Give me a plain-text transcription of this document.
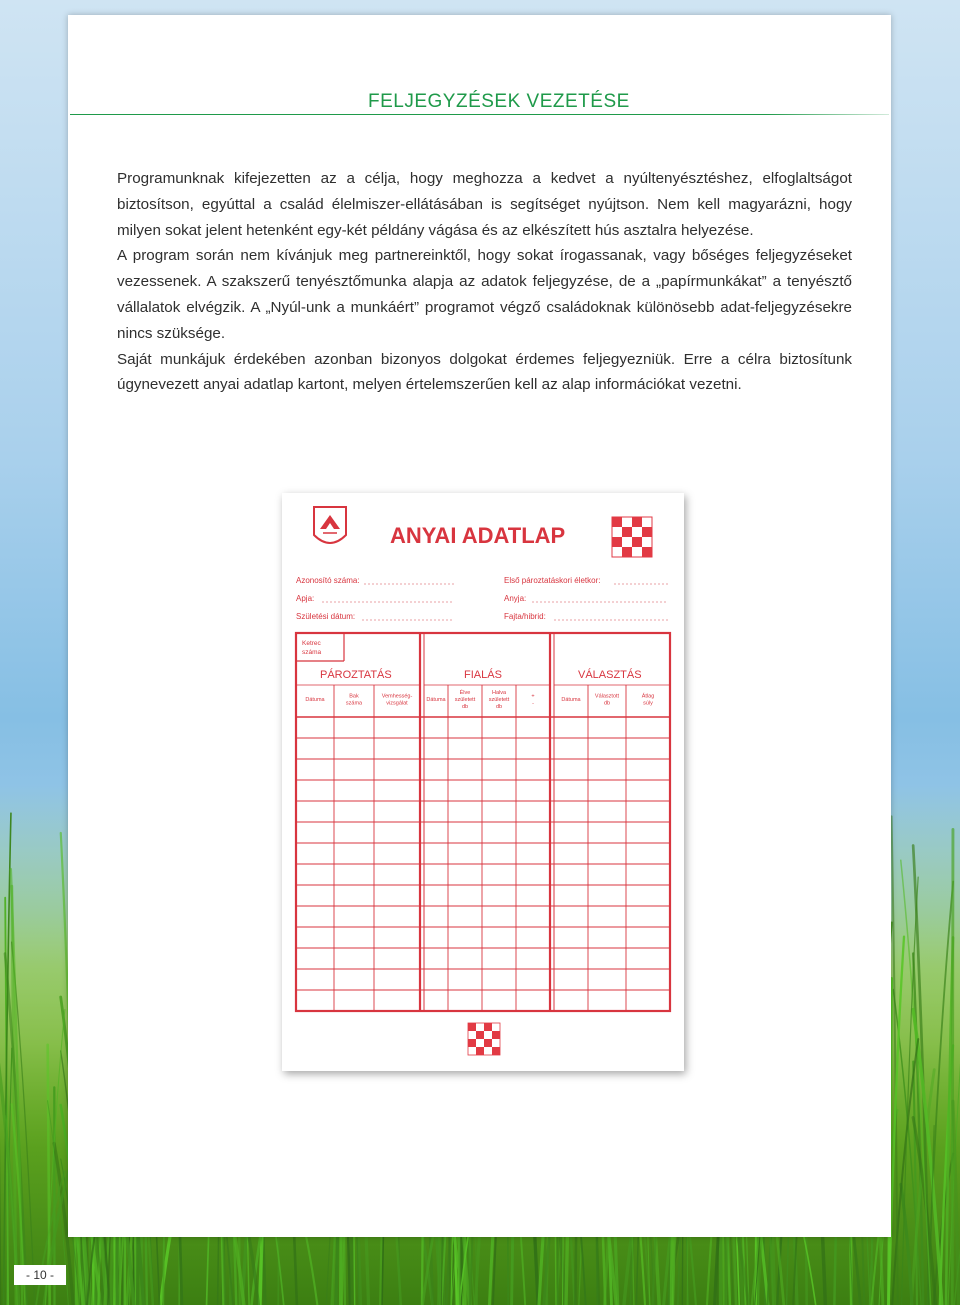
FELJEGYZÉSEK VEZETÉSE

Programunknak kifejezetten az a célja, hogy meghozza a kedvet a nyúltenyésztéshez, elfoglaltságot biztosítson, egyúttal a család élelmiszer-ellátásában is segítséget nyújtson. Nem kell magyarázni, hogy milyen sokat jelent hetenként egy-két példány vágása és az elkészített hús asztalra helyezése.

A program során nem kívánjuk meg partnereinktől, hogy sokat írogassanak, vagy bőséges feljegyzéseket vezessenek. A szakszerű tenyésztőmunka alapja az adatok feljegyzése, de a „papírmunkákat” a tenyésztő vállalatok elvégzik. A „Nyúl-unk a munkáért” programot végző családoknak különösebb adat-feljegyzésekre nincs szüksége.

Saját munkájuk érdekében azonban bizonyos dolgokat érdemes feljegyezniük. Erre a célra biztosítunk úgynevezett anyai adatlap kartont, melyen értelemszerűen kell az alap információkat vezetni.

ANYAI ADATLAP
Azonosító száma:
Apja:
Születési dátum:
Első pároztatáskori életkor:
Anyja:
Fajta/hibrid:
PÁROZTATÁS	FIALÁS	VÁLASZTÁS
Ketrec
száma
Dátuma
Bak
száma
Vemhesség-
vizsgálat
Dátuma
Élve
született
db
Halva
született
db
+
-
Dátuma
Választott
db
Átlag
súly
- 10 -
